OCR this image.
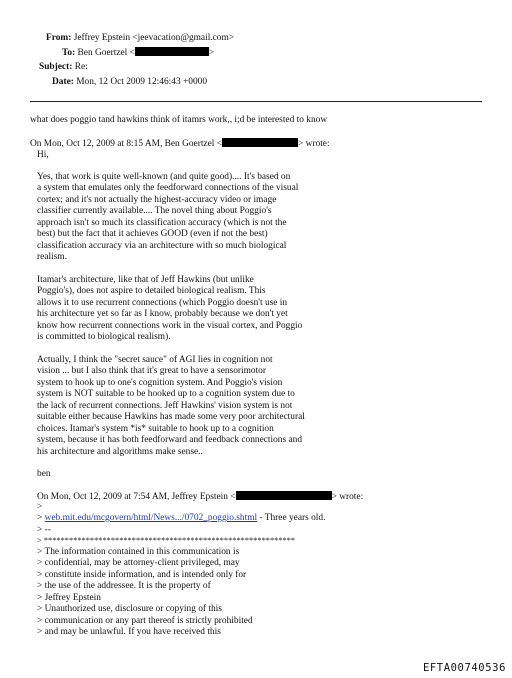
From: Jeffrey Epstein <jeevacation@gmail.com>
To: Ben Goertzel <	>
Subject: Re:
Date: Mon, 12 Oct 2009 12:46:43 +0000
what does poggio tand hawkins think of itamrs work,, i;d be interested to know
On Mon, Oct 12, 2009 at 8:15 AM, Ben Goertzel <	> wrote:
Hi,
Yes, that work is quite well-known (and quite good).... It's based on
a system that emulates only the feedforward connections of the visual
cortex; and it's not actually the highest-accuracy video or image
classifier currently available.... The novel thing about Poggio's
approach isn't so much its classification accuracy (which is not the
best) but the fact that it achieves GOOD (even if not the best)
classification accuracy via an architecture with so much biological
realism.
Itamar's architecture, like that of Jeff Hawkins (but unlike
Poggio's), does not aspire to detailed biological realism. This
allows it to use recurrent connections (which Poggio doesn't use in
his architecture yet so far as I know, probably because we don't yet
know how recurrent connections work in the visual cortex, and Poggio
is committed to biological realism).
Actually, I think the "secret sauce" of AGI lies in cognition not
vision ... but I also think that it's great to have a sensorimotor
system to hook up to one's cognition system. And Poggio's vision
system is NOT suitable to be hooked up to a cognition system due to
the lack of recurrent connections. Jeff Hawkins' vision system is not
suitable either because Hawkins has made some very poor architectural
choices. Itamar's system *is* suitable to hook up to a cognition
system, because it has both feedforward and feedback connections and
his architecture and algorithms make sense..
ben
On Mon, Oct 12, 2009 at 7:54 AM, Jeffrey Epstein <	> wrote:
>
> web.mit.edu/mcgovern/html/News.../0702_poggio.shtml - Three years old.
> --
> ************************************************************
> The information contained in this communication is
> confidential, may be attorney-client privileged, may
> constitute inside information, and is intended only for
> the use of the addressee. It is the property of
> Jeffrey Epstein
> Unauthorized use, disclosure or copying of this
> communication or any part thereof is strictly prohibited
> and may be unlawful. If you have received this
EFTA00740536
